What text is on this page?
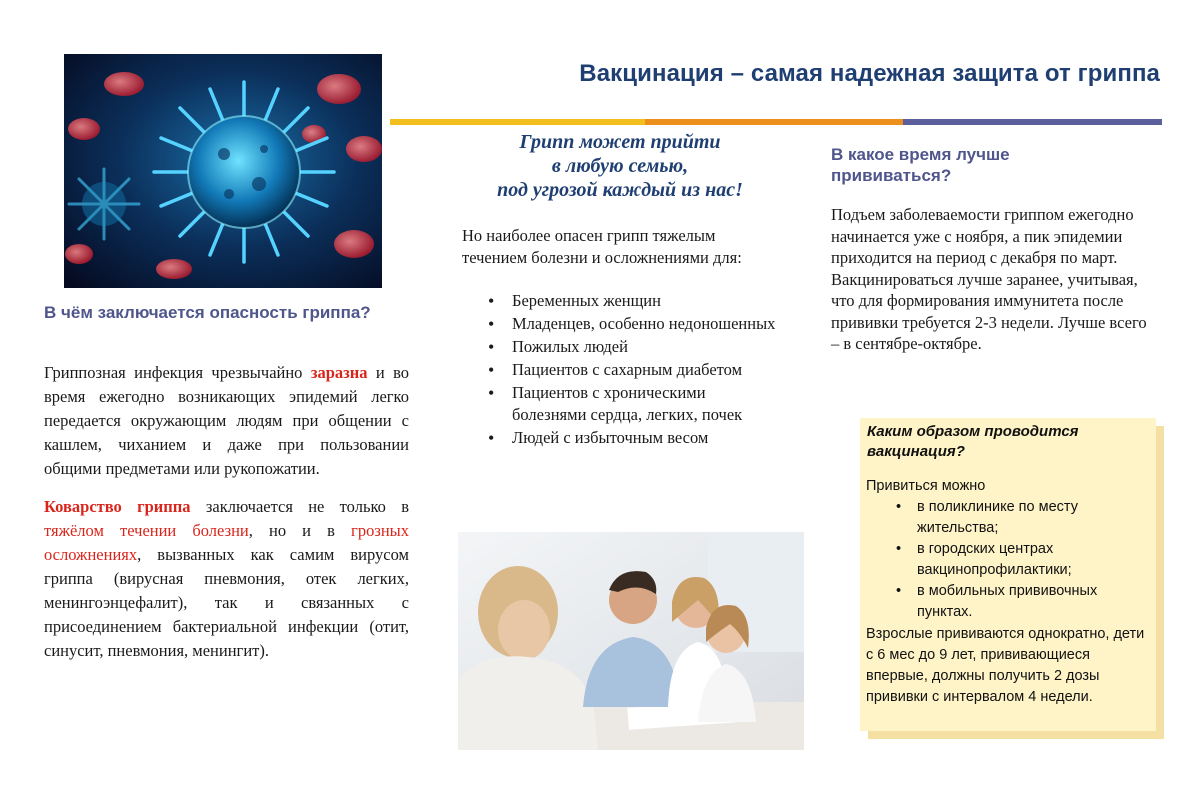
Вакцинация – самая надежная защита от гриппа
В чём заключается опасность гриппа?

Гриппозная инфекция чрезвычайно заразна и во время ежегодно возникающих эпидемий легко передается окружающим людям при общении с кашлем, чиханием и даже при пользовании общими предметами или рукопожатии.

Коварство гриппа заключается не только в тяжёлом течении болезни, но и в грозных осложнениях, вызванных как самим вирусом гриппа (вирусная пневмония, отек легких, менингоэнцефалит), так и связанных с присоединением бактериальной инфекции (отит, синусит, пневмония, менингит).

Грипп может прийти
в любую семью,
под угрозой каждый из нас!
Но наиболее опасен грипп тяжелым течением болезни и осложнениями для:
• Беременных женщин
• Младенцев, особенно недоношенных
• Пожилых людей
• Пациентов с сахарным диабетом
• Пациентов с хроническими болезнями сердца, легких, почек
• Людей с избыточным весом
В какое время лучше прививаться?
Подъем заболеваемости гриппом ежегодно начинается уже с ноября, а пик эпидемии приходится на период с декабря по март. Вакцинироваться лучше заранее, учитывая, что для формирования иммунитета после прививки требуется 2-3 недели. Лучше всего – в сентябре-октябре.
Каким образом проводится вакцинация?
Привиться можно
• в поликлинике по месту жительства;
• в городских центрах вакцинопрофилактики;
• в мобильных прививочных пунктах.
Взрослые прививаются однократно, дети с 6 мес до 9 лет, прививающиеся впервые, должны получить 2 дозы прививки с интервалом 4 недели.
